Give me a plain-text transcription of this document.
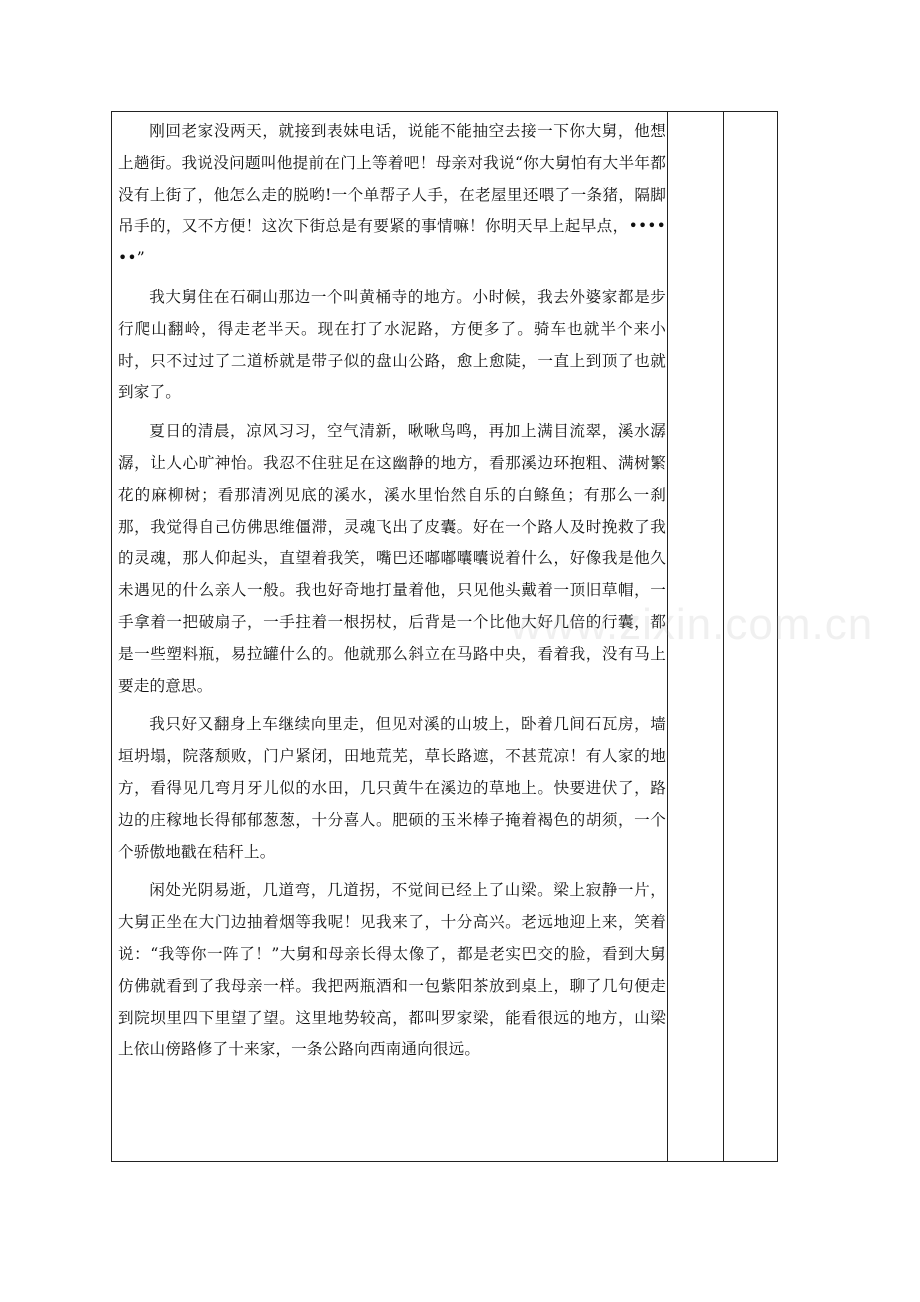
刚回老家没两天，就接到表妹电话，说能不能抽空去接一下你大舅，他想上趟街。我说没问题叫他提前在门上等着吧！母亲对我说“你大舅怕有大半年都没有上街了，他怎么走的脱哟!一个单帮子人手，在老屋里还喂了一条猪，隔脚吊手的，又不方便！这次下街总是有要紧的事情嘛！你明天早上起早点，••••••”

我大舅住在石硐山那边一个叫黄桶寺的地方。小时候，我去外婆家都是步行爬山翻岭，得走老半天。现在打了水泥路，方便多了。骑车也就半个来小时，只不过过了二道桥就是带子似的盘山公路，愈上愈陡，一直上到顶了也就到家了。

夏日的清晨，凉风习习，空气清新，啾啾鸟鸣，再加上满目流翠，溪水潺潺，让人心旷神怡。我忍不住驻足在这幽静的地方，看那溪边环抱粗、满树繁花的麻柳树；看那清冽见底的溪水，溪水里怡然自乐的白鲦鱼；有那么一刹那，我觉得自己仿佛思维僵滞，灵魂飞出了皮囊。好在一个路人及时挽救了我的灵魂，那人仰起头，直望着我笑，嘴巴还嘟嘟囔囔说着什么，好像我是他久未遇见的什么亲人一般。我也好奇地打量着他，只见他头戴着一顶旧草帽，一手拿着一把破扇子，一手拄着一根拐杖，后背是一个比他大好几倍的行囊，都是一些塑料瓶，易拉罐什么的。他就那么斜立在马路中央，看着我，没有马上要走的意思。

我只好又翻身上车继续向里走，但见对溪的山坡上，卧着几间石瓦房，墙垣坍塌，院落颓败，门户紧闭，田地荒芜，草长路遮，不甚荒凉！有人家的地方，看得见几弯月牙儿似的水田，几只黄牛在溪边的草地上。快要进伏了，路边的庄稼地长得郁郁葱葱，十分喜人。肥硕的玉米棒子掩着褐色的胡须，一个个骄傲地戳在秸秆上。

闲处光阴易逝，几道弯，几道拐，不觉间已经上了山梁。梁上寂静一片，大舅正坐在大门边抽着烟等我呢！见我来了，十分高兴。老远地迎上来，笑着说：“我等你一阵了！”大舅和母亲长得太像了，都是老实巴交的脸，看到大舅仿佛就看到了我母亲一样。我把两瓶酒和一包紫阳茶放到桌上，聊了几句便走到院坝里四下里望了望。这里地势较高，都叫罗家梁，能看很远的地方，山梁上依山傍路修了十来家，一条公路向西南通向很远。

www.zixin.com.cn
